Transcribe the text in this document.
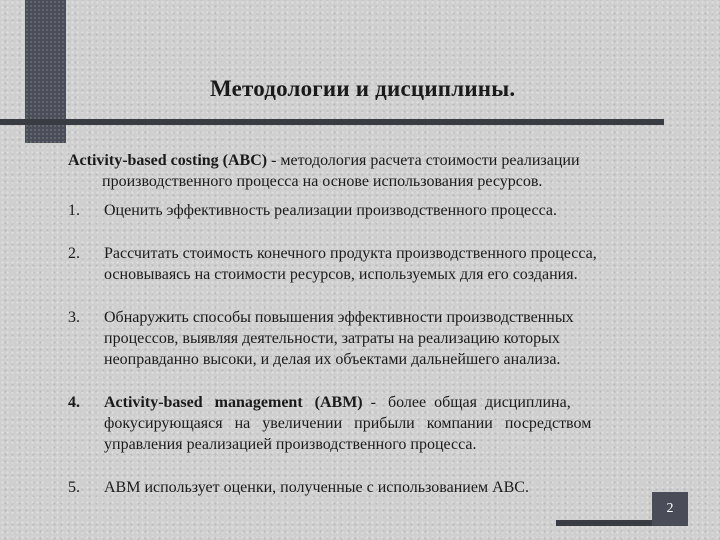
Методологии и дисциплины.

Activity-based costing (ABC) - методология расчета стоимости реализации
производственного процесса на основе использования ресурсов.

1.	Оценить эффективность реализации производственного процесса.
2.	Рассчитать стоимость конечного продукта производственного процесса,
основываясь на стоимости ресурсов, используемых для его создания.
3.	Обнаружить способы повышения эффективности производственных
процессов, выявляя деятельности, затраты на реализацию которых
неоправданно высоки, и делая их объектами дальнейшего анализа.
4.	Activity-based   management   (ABM)  -   более  общая  дисциплина,
фокусирующаяся   на   увеличении   прибыли   компании   посредством
управления реализацией производственного процесса.
5.	ABM использует оценки, полученные с использованием ABC.
2
